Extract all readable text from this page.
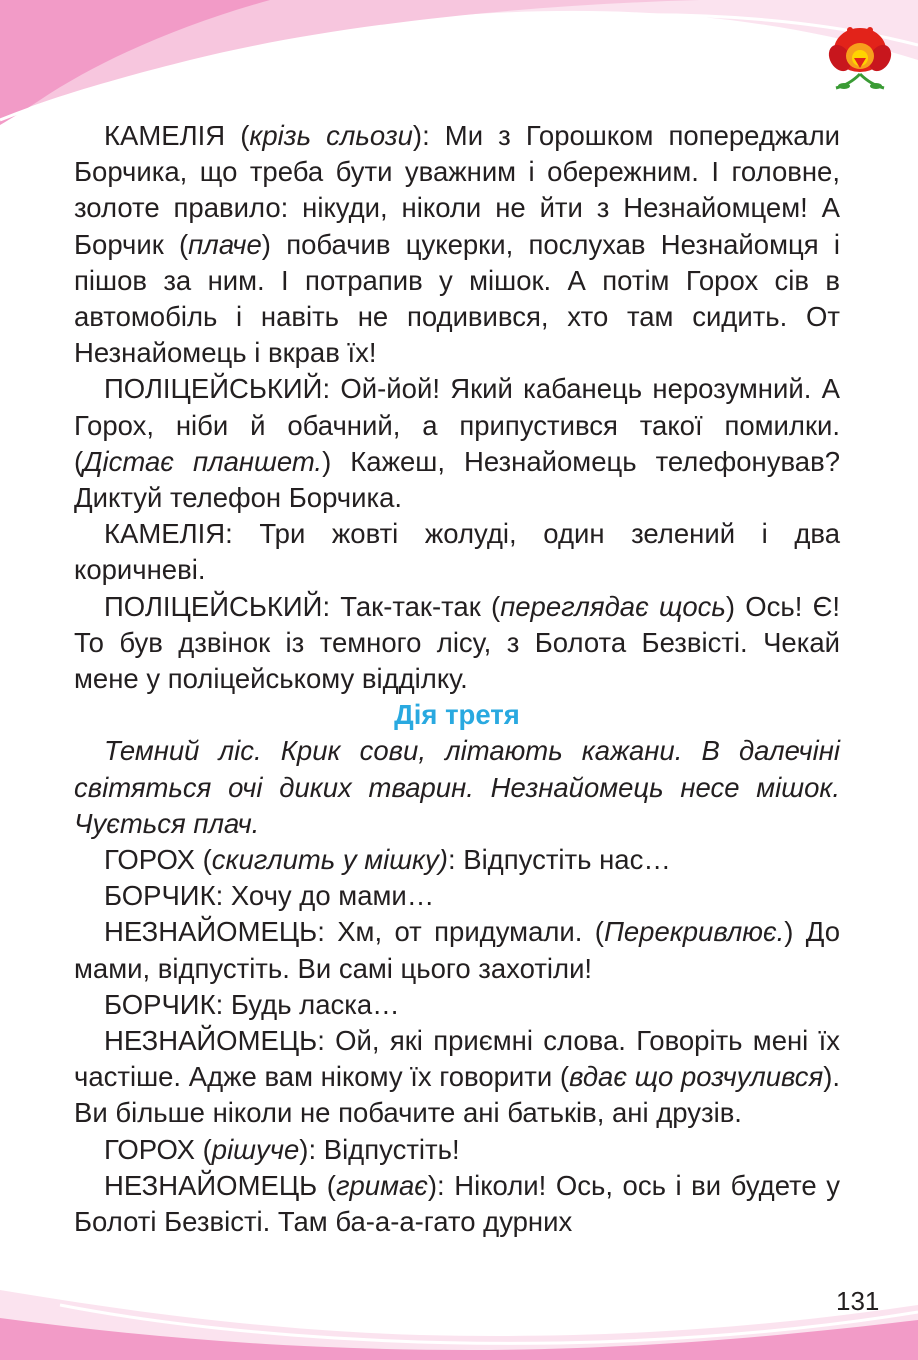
КАМЕЛІЯ (крізь сльози): Ми з Горошком попереджали Борчика, що треба бути уважним і обережним. І головне, золоте правило: нікуди, ніколи не йти з Незнайомцем! А Борчик (плаче) побачив цукерки, послухав Незнайомця і пішов за ним. І потрапив у мішок. А потім Горох сів в автомобіль і навіть не подивився, хто там сидить. От Незнайомець і вкрав їх!

ПОЛІЦЕЙСЬКИЙ: Ой-йой! Який кабанець нерозумний. А Горох, ніби й обачний, а припустився такої помилки. (Дістає планшет.) Кажеш, Незнайомець телефонував? Диктуй телефон Борчика.

КАМЕЛІЯ: Три жовті жолуді, один зелений і два коричневі.

ПОЛІЦЕЙСЬКИЙ: Так-так-так (переглядає щось) Ось! Є! То був дзвінок із темного лісу, з Болота Безвісті. Чекай мене у поліцейському відділку.

Дія третя

Темний ліс. Крик сови, літають кажани. В далечіні світяться очі диких тварин. Незнайомець несе мішок. Чується плач.

ГОРОХ (скиглить у мішку): Відпустіть нас…

БОРЧИК: Хочу до мами…

НЕЗНАЙОМЕЦЬ: Хм, от придумали. (Перекривлює.) До мами, відпустіть. Ви самі цього захотіли!

БОРЧИК: Будь ласка…

НЕЗНАЙОМЕЦЬ: Ой, які приємні слова. Говоріть мені їх частіше. Адже вам нікому їх говорити (вдає що розчулився). Ви більше ніколи не побачите ані батьків, ані друзів.

ГОРОХ (рішуче): Відпустіть!

НЕЗНАЙОМЕЦЬ (гримає): Ніколи! Ось, ось і ви будете у Болоті Безвісті. Там ба-а-а-гато дурних

131
